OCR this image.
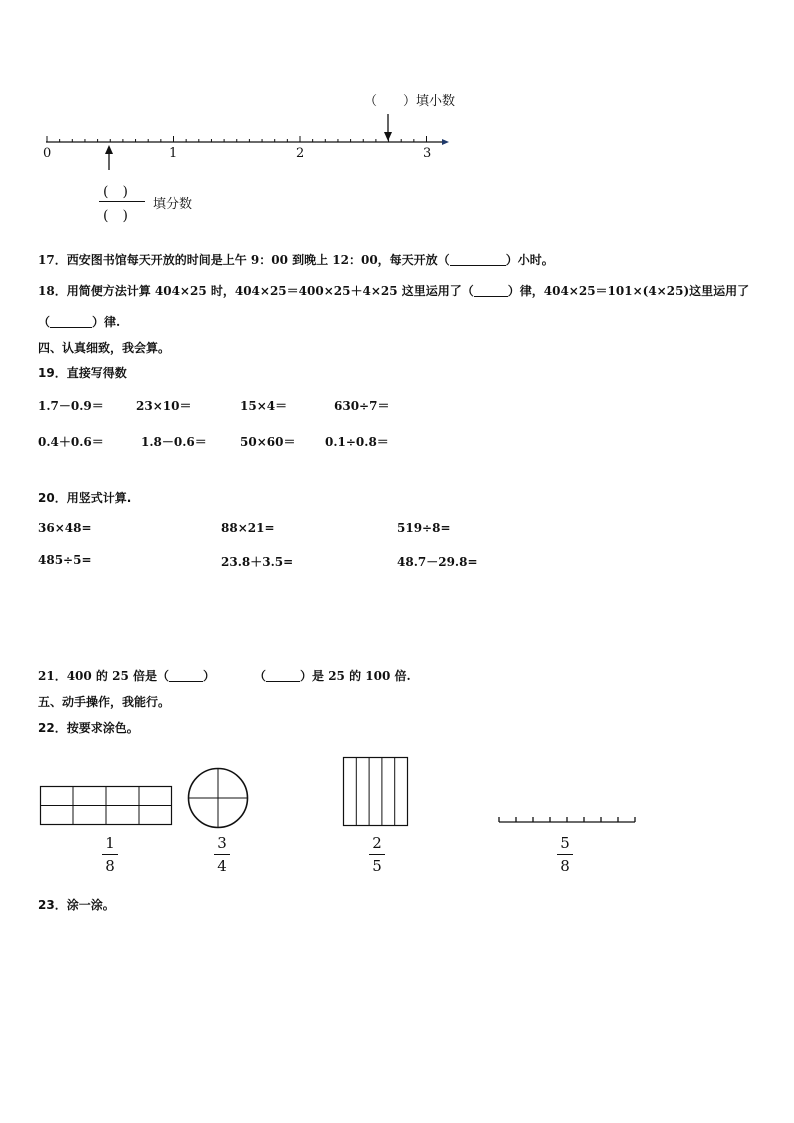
（　　）填小数
0	1	2	3
(　)
(　)
填分数
17．西安图书馆每天开放的时间是上午 9：00 到晚上 12：00，每天开放（	）小时。
18．用简便方法计算 404×25 时，404×25＝400×25＋4×25 这里运用了（	）律，404×25＝101×(4×25)这里运用了
（	）律.
四、认真细致，我会算。
19．直接写得数
1.7－0.9＝	23×10＝	15×4＝	630÷7＝
0.4＋0.6＝	1.8－0.6＝	50×60＝ 0.1÷0.8＝
20．用竖式计算.
36×48=	88×21=	519÷8=
485÷5=	23.8＋3.5=	48.7－29.8=
21．400 的 25 倍是（	）	（	）是 25 的 100 倍.
五、动手操作，我能行。
22．按要求涂色。
1
8
3
4
2
5
5
8
23．涂一涂。
